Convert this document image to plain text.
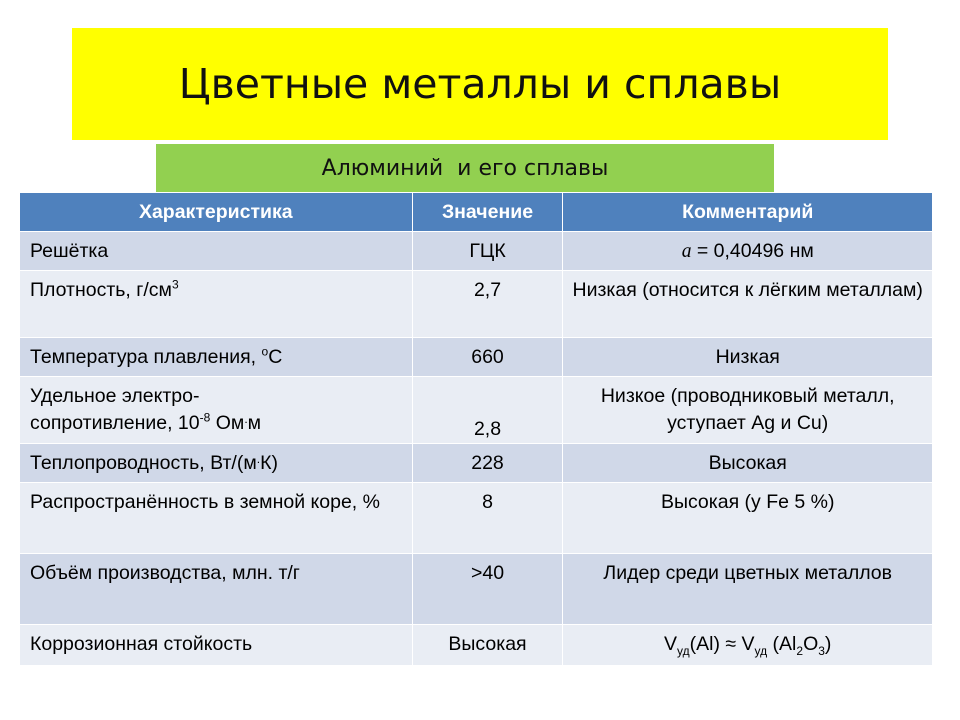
Цветные металлы и сплавы
Алюминий  и его сплавы
Характеристика	Значение	Комментарий

Решётка	ГЦК	a = 0,40496 нм

Плотность, $г/см^3$	2,7	Низкая (относится к лёгким металлам)

Температура плавления, $^о$С	660	Низкая

Удельное электро-
сопротивление, $10^{-8}$ Ом.м	2,8	Низкое (проводниковый металл, уступает Ag и Cu)

Теплопроводность, Вт/(м.К)	228	Высокая

Распространённость в земной коре, %	8	Высокая (у Fe 5 %)

Объём производства, млн. т/г	>40	Лидер среди цветных металлов

Коррозионная стойкость	Высокая	$V_{уд}(Al) \approx V_{уд}$ $(Al_2O_3)$
